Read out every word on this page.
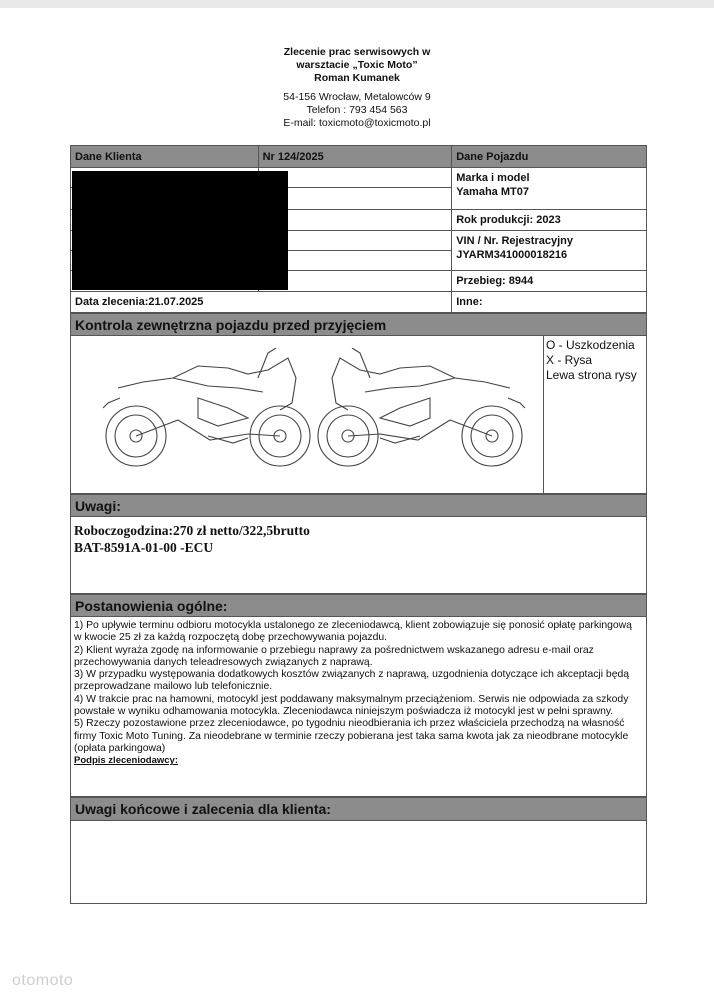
Zlecenie prac serwisowych w
warsztacie „Toxic Moto”
Roman Kumanek
54-156 Wrocław, Metalowców 9
Telefon : 793 454 563
E-mail: toxicmoto@toxicmoto.pl
Dane Klienta	Nr 124/2025	Dane Pojazdu

		Marka i model
Yamaha MT07

		Rok produkcji: 2023

		VIN / Nr. Rejestracyjny
JYARM341000018216

		Przebieg: 8944
Data zlecenia:21.07.2025		Inne:
Kontrola zewnętrzna pojazdu przed przyjęciem
O - Uszkodzenia
X - Rysa
Lewa strona rysy
Uwagi:
Roboczogodzina:270 zł netto/322,5brutto
BAT-8591A-01-00 -ECU
Postanowienia ogólne:

1) Po upływie terminu odbioru motocykla ustalonego ze zleceniodawcą, klient zobowiązuje się ponosić opłatę parkingową w kwocie 25 zł za każdą rozpoczętą dobę przechowywania pojazdu.

2) Klient wyraża zgodę na informowanie o przebiegu naprawy za pośrednictwem wskazanego adresu e-mail oraz przechowywania danych teleadresowych związanych z naprawą.

3) W przypadku występowania dodatkowych kosztów związanych z naprawą, uzgodnienia dotyczące ich akceptacji będą przeprowadzane mailowo lub telefonicznie.

4) W trakcie prac na hamowni, motocykl jest poddawany maksymalnym przeciążeniom. Serwis nie odpowiada za szkody powstałe w wyniku odhamowania motocykla. Zleceniodawca niniejszym poświadcza iż motocykl jest w pełni sprawny.

5) Rzeczy pozostawione przez zleceniodawce, po tygodniu nieodbierania ich przez właściciela przechodzą na własność firmy Toxic Moto Tuning. Za nieodebrane w terminie rzeczy pobierana jest taka sama kwota jak za nieodbrane motocykle (opłata parkingowa)

Podpis zleceniodawcy:

Uwagi końcowe i zalecenia dla klienta:
otomoto
